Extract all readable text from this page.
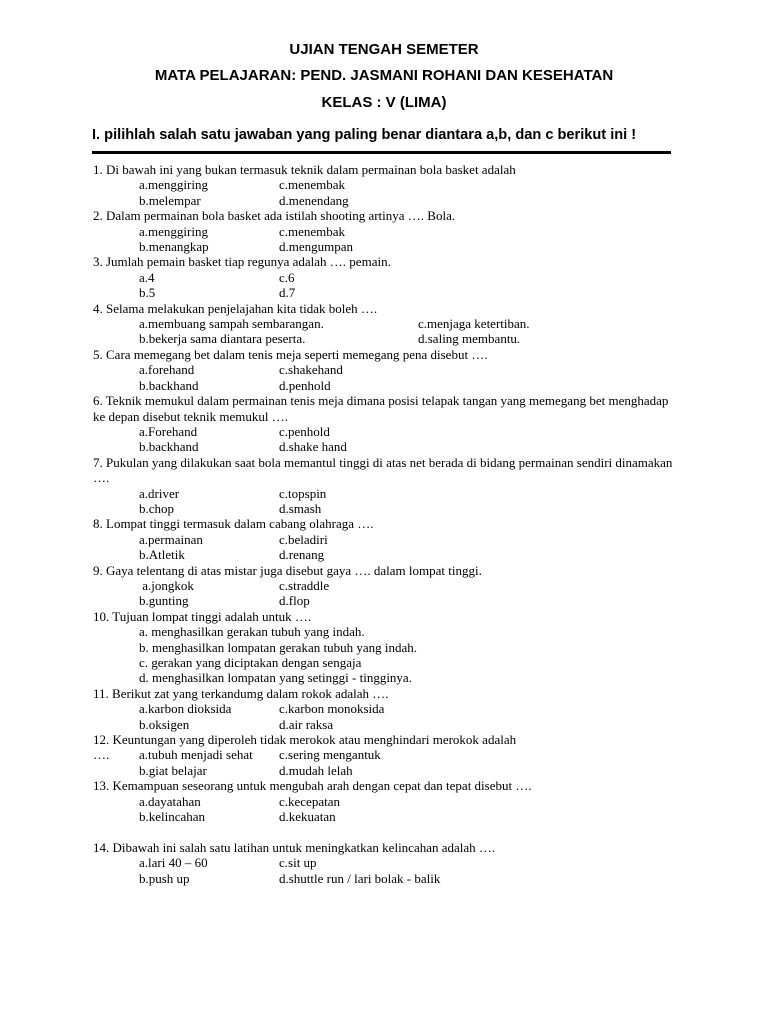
UJIAN TENGAH SEMETER
MATA PELAJARAN: PEND. JASMANI ROHANI DAN KESEHATAN
KELAS : V (LIMA)
I. pilihlah salah satu jawaban yang paling benar diantara a,b, dan c berikut ini !
1. Di bawah ini yang bukan termasuk teknik dalam permainan bola basket adalah
a.menggiring	c.menembak
b.melempar	d.menendang
2. Dalam permainan bola basket ada istilah shooting artinya …. Bola.
a.menggiring	c.menembak
b.menangkap	d.mengumpan
3. Jumlah pemain basket tiap regunya adalah …. pemain.
a.4	c.6
b.5	d.7
4. Selama melakukan penjelajahan kita tidak boleh ….
a.membuang sampah sembarangan.	c.menjaga ketertiban.
b.bekerja sama diantara peserta.	d.saling membantu.
5. Cara memegang bet dalam tenis meja seperti memegang pena disebut ….
a.forehand	c.shakehand
b.backhand	d.penhold
6. Teknik memukul dalam permainan tenis meja dimana posisi telapak tangan yang memegang bet menghadap ke depan disebut teknik memukul ….
a.Forehand	c.penhold
b.backhand	d.shake hand
7. Pukulan yang dilakukan saat bola memantul tinggi di atas net berada di bidang permainan sendiri dinamakan ….
a.driver	c.topspin
b.chop	d.smash
8. Lompat tinggi termasuk dalam cabang olahraga ….
a.permainan	c.beladiri
b.Atletik	d.renang
9. Gaya telentang di atas mistar juga disebut gaya …. dalam lompat tinggi.
a.jongkok	c.straddle
b.gunting	d.flop
10. Tujuan lompat tinggi adalah untuk ….
a. menghasilkan gerakan tubuh yang indah.
b. menghasilkan lompatan gerakan tubuh yang indah.
c. gerakan yang diciptakan dengan sengaja
d. menghasilkan lompatan yang setinggi - tingginya.
11. Berikut zat yang terkandumg dalam rokok adalah ….
a.karbon dioksida	c.karbon monoksida
b.oksigen	d.air raksa
12. Keuntungan yang diperoleh tidak merokok atau menghindari merokok adalah
….	a.tubuh menjadi sehat	c.sering mengantuk
b.giat belajar	d.mudah lelah
13. Kemampuan seseorang untuk mengubah arah dengan cepat dan tepat disebut ….
a.dayatahan	c.kecepatan
b.kelincahan	d.kekuatan
14. Dibawah ini salah satu latihan untuk meningkatkan kelincahan adalah ….
a.lari 40 – 60	c.sit up
b.push up	d.shuttle run / lari bolak - balik
